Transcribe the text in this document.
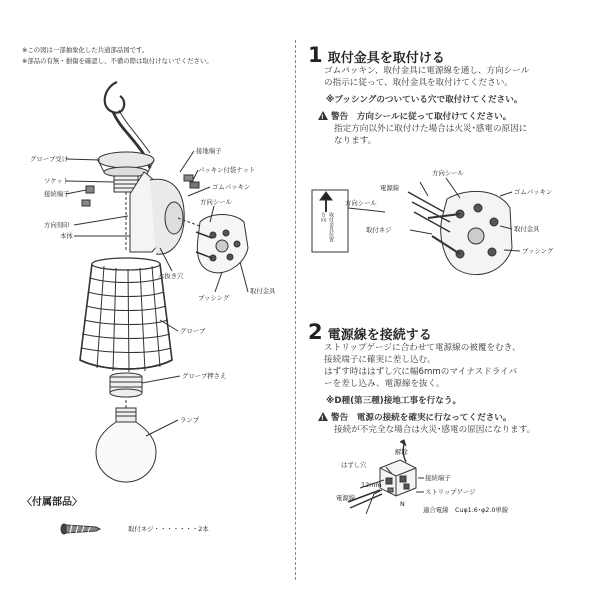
※この図は一部抽象化した共通部品図です。
※部品の有無・損傷を確認し、不備の際は取付けないでください。
グローブ受け
ソケット
接続端子
方向刻印
本体
接地端子
パッキン付袋ナット
ゴムパッキン
方向シール
水抜き穴
ブッシング
取付金具
グローブ
グローブ押さえ
ランプ
〈付属部品〉
取付ネジ・・・・・・・2本
1 取付金具を取付ける
ゴムパッキン、取付金具に電源線を通し、方向シール
の指示に従って、取付金具を取付けてください。
※ブッシングのついている穴で取付けてください。
!警告　方向シールに従って取付けてください。
指定方向以外に取付けた場合は火災･感電の原因に
なります。
取付金具位置
方向
方向シール
電源線
方向シール
ゴムパッキン
取付ネジ	取付金具
ブッシング
2 電源線を接続する
ストリップゲージに合わせて電源線の被覆をむき、
接続端子に確実に差し込む。
はずす時ははずし穴に幅6mmのマイナスドライバ
ーを差し込み、電源線を抜く。
※D種(第三種)接地工事を行なう。
!警告　電源の接続を確実に行なってください。
接続が不完全な場合は火災･感電の原因になります。
解除
はずし穴
接続端子
12mm
電源線
ストリップゲージ
N
適合電線　Cuφ1.6･φ2.0単線
